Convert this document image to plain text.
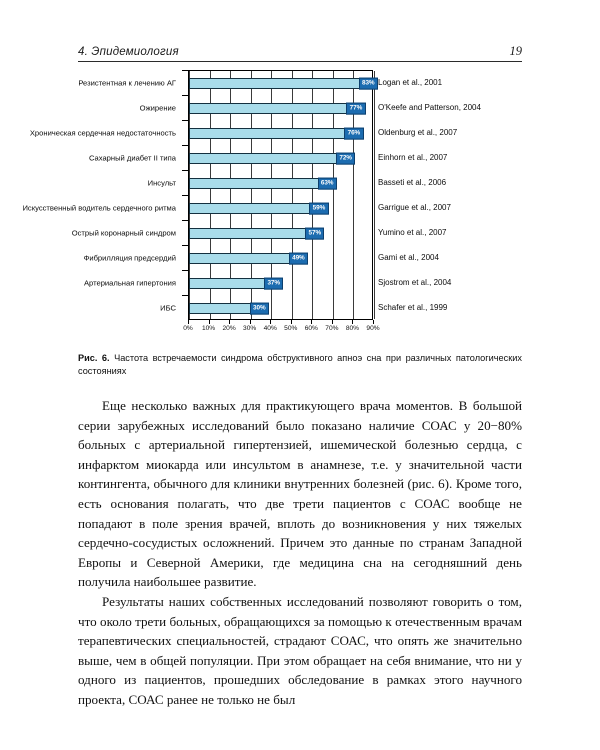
4. Эпидемиология	19
Резистентная к лечению АГ
Ожирение
Хроническая сердечная недостаточность
Сахарный диабет II типа
Инсульт
Искусственный водитель сердечного ритма
Острый коронарный синдром
Фибрилляция предсердий
Артериальная гипертония
ИБС
83%
77%
76%
72%
63%
59%
57%
49%
37%
30%
Logan et al., 2001
O'Keefe and Patterson, 2004
Oldenburg et al., 2007
Einhorn et al., 2007
Basseti et al., 2006
Garrigue et al., 2007
Yumino et al., 2007
Gami et al., 2004
Sjostrom et al., 2004
Schafer et al., 1999
0% 10% 20% 30% 40% 50% 60% 70% 80% 90%
Рис. 6. Частота встречаемости синдрома обструктивного апноэ сна при различных патологических состояниях

Еще несколько важных для практикующего врача моментов. В большой серии зарубежных исследований было показано наличие СОАС у 20−80% больных с артериальной гипертензией, ишемической болезнью сердца, с инфарктом миокарда или инсультом в анамнезе, т.е. у значительной части контингента, обычного для клиники внутренних болезней (рис. 6). Кроме того, есть основания полагать, что две трети пациентов с СОАС вообще не попадают в поле зрения врачей, вплоть до возникновения у них тяжелых сердечно-сосудистых осложнений. Причем это данные по странам Западной Европы и Северной Америки, где медицина сна на сегодняшний день получила наибольшее развитие.

Результаты наших собственных исследований позволяют говорить о том, что около трети больных, обращающихся за помощью к отечественным врачам терапевтических специальностей, страдают СОАС, что опять же значительно выше, чем в общей популяции. При этом обращает на себя внимание, что ни у одного из пациентов, прошедших обследование в рамках этого научного проекта, СОАС ранее не только не был
